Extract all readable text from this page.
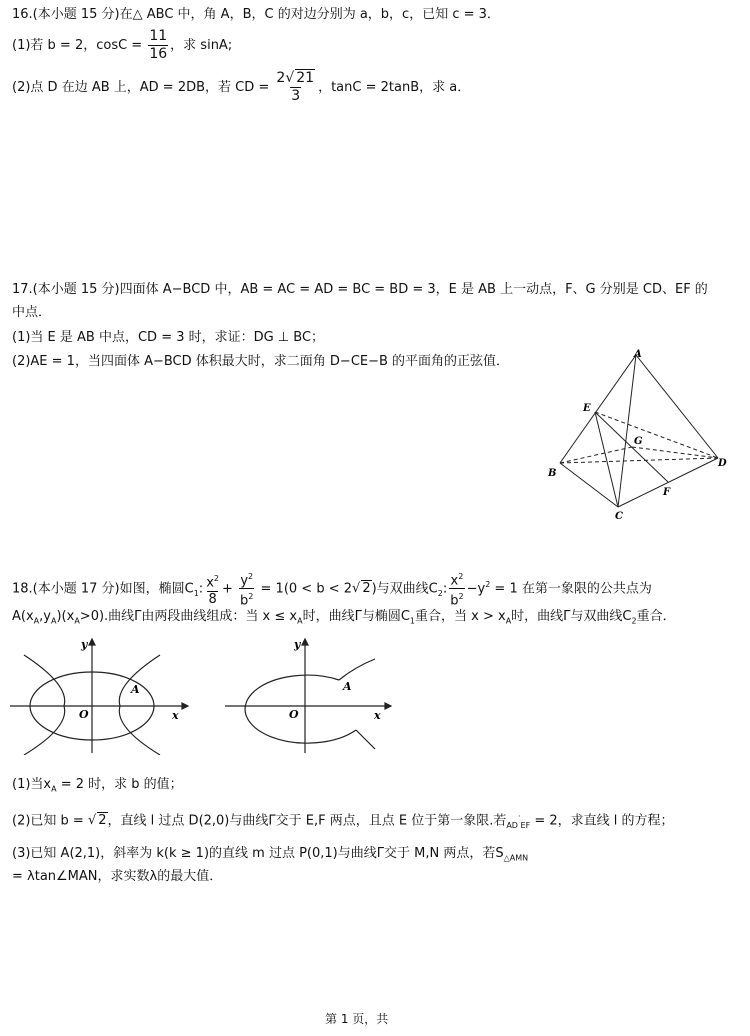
16.(本小题 15 分)在△ ABC 中，角 A，B，C 的对边分别为 a，b，c，已知 c = 3．
(1)若 b = 2，$\cos C = \frac{11}{16}$ ，求 sinA;
(2)点 D 在边 AB 上，AD = 2DB，若 CD = $\frac{2√ 21}{3}$ ，tanC = 2tanB，求 a．
17.(本小题 15 分)四面体 A−BCD 中，AB = AC = AD = BC = BD = 3，E 是 AB 上一动点，F、G 分别是 CD、EF 的
中点．
(1)当 E 是 AB 中点，CD = 3 时，求证：DG ⊥ BC；
(2)AE = 1，当四面体 A−BCD 体积最大时，求二面角 D−CE−B 的平面角的正弦值．	A
B
C
D
E
F
G
18.(本小题 17 分)如图，椭圆$C_1$: $\frac{x^2}{8} + \frac{y^2}{b^2} = 1(0 < b < 2√$ 2)与双曲线$C_2$: $\frac{x^2}{b^2} -y^2 = 1$ 在第一象限的公共点为
$A(x_A,y_A)(x_A>0)$.曲线Γ由两段曲线组成：当 $x \le x_A$时，曲线Γ与椭圆$C_1$重合，当 $x > x_A$时，曲线Γ与双曲线$C_2$重合．
y
x
O
A
y
x
O
A
(1)当$x_A = 2$ 时，求 b 的值；
(2)已知 b = √ 2，直线 l 过点 D(2,0)与曲线Γ交于 E,F 两点，且点 E 位于第一象限.若$_{AD}$·$_{EF}$ = 2，求直线 l 的方程；
(3)已知 A(2,1)，斜率为 k(k ≥ 1)的直线 m 过点 P(0,1)与曲线Γ交于 M,N 两点，若$S_{\triangle AMN}$
= λtan∠MAN，求实数λ的最大值．
第 1 页，共
